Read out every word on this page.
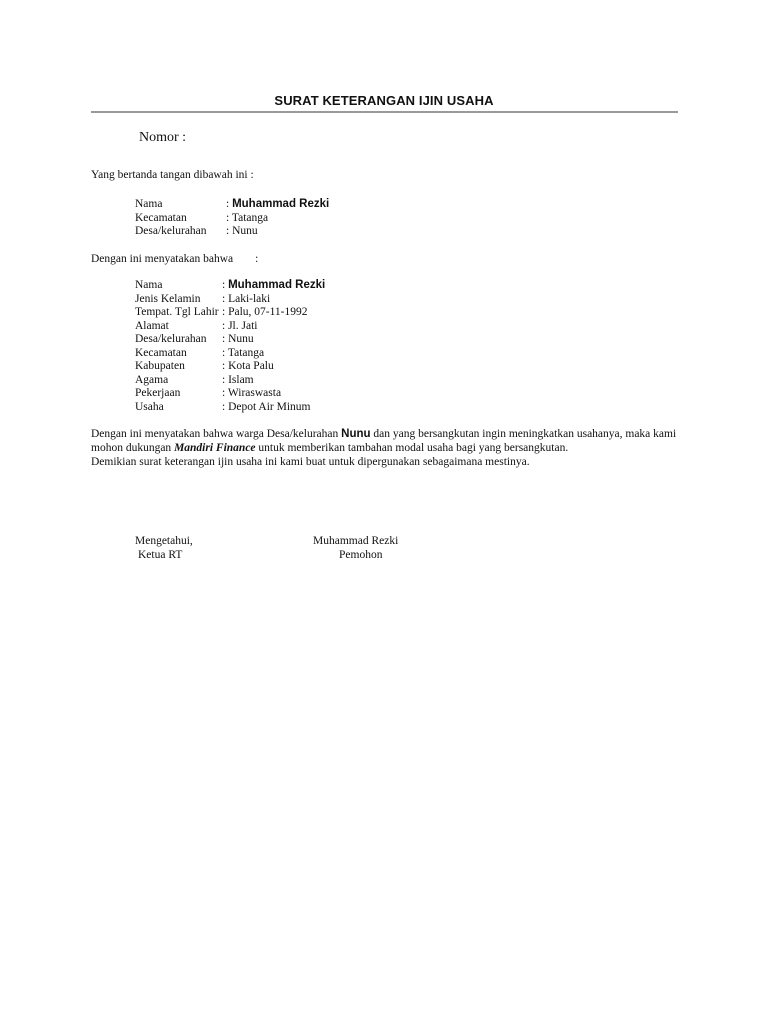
SURAT KETERANGAN IJIN USAHA
Nomor :
Yang bertanda tangan dibawah ini :
Nama	: Muhammad Rezki
Kecamatan	: Tatanga
Desa/kelurahan : Nunu
Dengan ini menyatakan bahwa :
Nama	: Muhammad Rezki
Jenis Kelamin : Laki-laki
Tempat. Tgl Lahir : Palu, 07-11-1992
Alamat	: Jl. Jati
Desa/kelurahan : Nunu
Kecamatan	: Tatanga
Kabupaten	: Kota Palu
Agama	: Islam
Pekerjaan	: Wiraswasta
Usaha	: Depot Air Minum
Dengan ini menyatakan bahwa warga Desa/kelurahan Nunu dan yang bersangkutan ingin meningkatkan usahanya, maka kami
mohon dukungan Mandiri Finance untuk memberikan tambahan modal usaha bagi yang bersangkutan.
Demikian surat keterangan ijin usaha ini kami buat untuk dipergunakan sebagaimana mestinya.
Mengetahui,
Ketua RT
Muhammad Rezki
Pemohon
